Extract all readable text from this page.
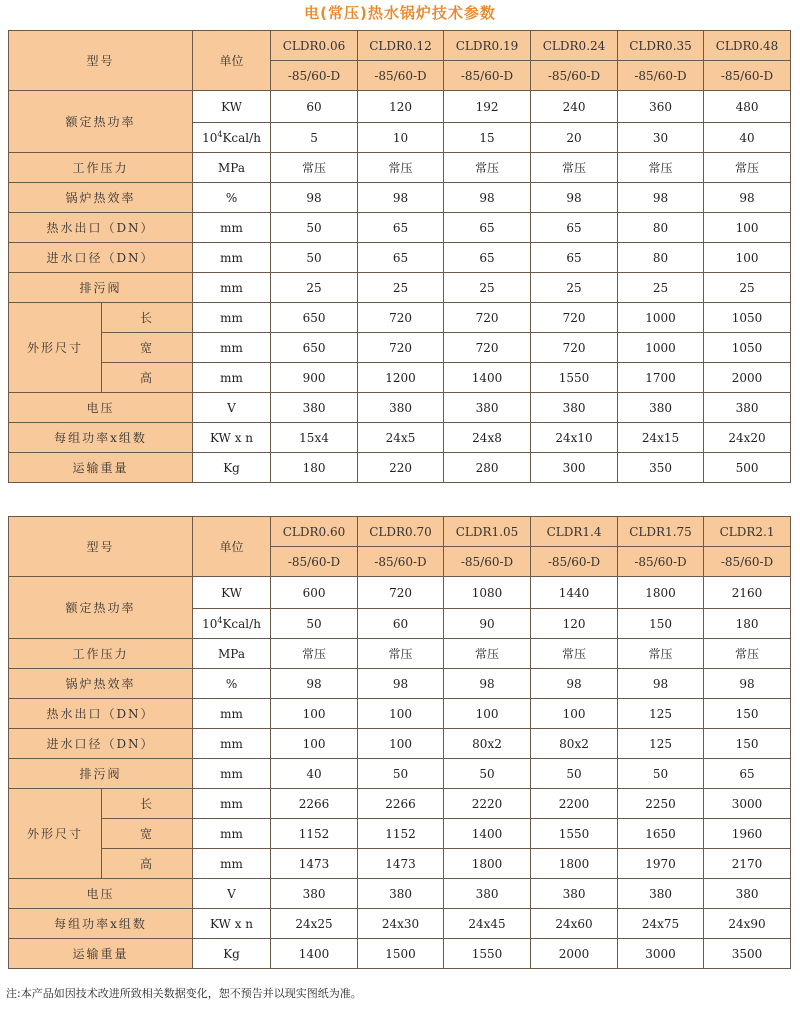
电(常压)热水锅炉技术参数
型号		单位	CLDR0.06	CLDR0.12	CLDR0.19	CLDR0.24	CLDR0.35	CLDR0.48
			-85/60-D	-85/60-D	-85/60-D	-85/60-D	-85/60-D	-85/60-D
额定热功率		KW	60	120	192	240	360	480
		$10^4Kcal/h$	5	10	15	20	30	40
工作压力		MPa	常压	常压	常压	常压	常压	常压
锅炉热效率		%	98	98	98	98	98	98
热水出口（DN）		mm	50	65	65	65	80	100
进水口径（DN）		mm	50	65	65	65	80	100
排污阀		mm	25	25	25	25	25	25
外形尺寸	长	mm	650	720	720	720	1000	1050
	宽	mm	650	720	720	720	1000	1050
	高	mm	900	1200	1400	1550	1700	2000
电压		V	380	380	380	380	380	380
每组功率x组数		KW x n	15x4	24x5	24x8	24x10	24x15	24x20
运输重量		Kg	180	220	280	300	350	500
型号		单位	CLDR0.60	CLDR0.70	CLDR1.05	CLDR1.4	CLDR1.75	CLDR2.1
			-85/60-D	-85/60-D	-85/60-D	-85/60-D	-85/60-D	-85/60-D
额定热功率		KW	600	720	1080	1440	1800	2160
		$10^4Kcal/h$	50	60	90	120	150	180
工作压力		MPa	常压	常压	常压	常压	常压	常压
锅炉热效率		%	98	98	98	98	98	98
热水出口（DN）		mm	100	100	100	100	125	150
进水口径（DN）		mm	100	100	80x2	80x2	125	150
排污阀		mm	40	50	50	50	50	65
外形尺寸	长	mm	2266	2266	2220	2200	2250	3000
	宽	mm	1152	1152	1400	1550	1650	1960
	高	mm	1473	1473	1800	1800	1970	2170
电压		V	380	380	380	380	380	380
每组功率x组数		KW x n	24x25	24x30	24x45	24x60	24x75	24x90
运输重量		Kg	1400	1500	1550	2000	3000	3500
注:本产品如因技术改进所致相关数据变化，恕不预告并以现实图纸为准。
